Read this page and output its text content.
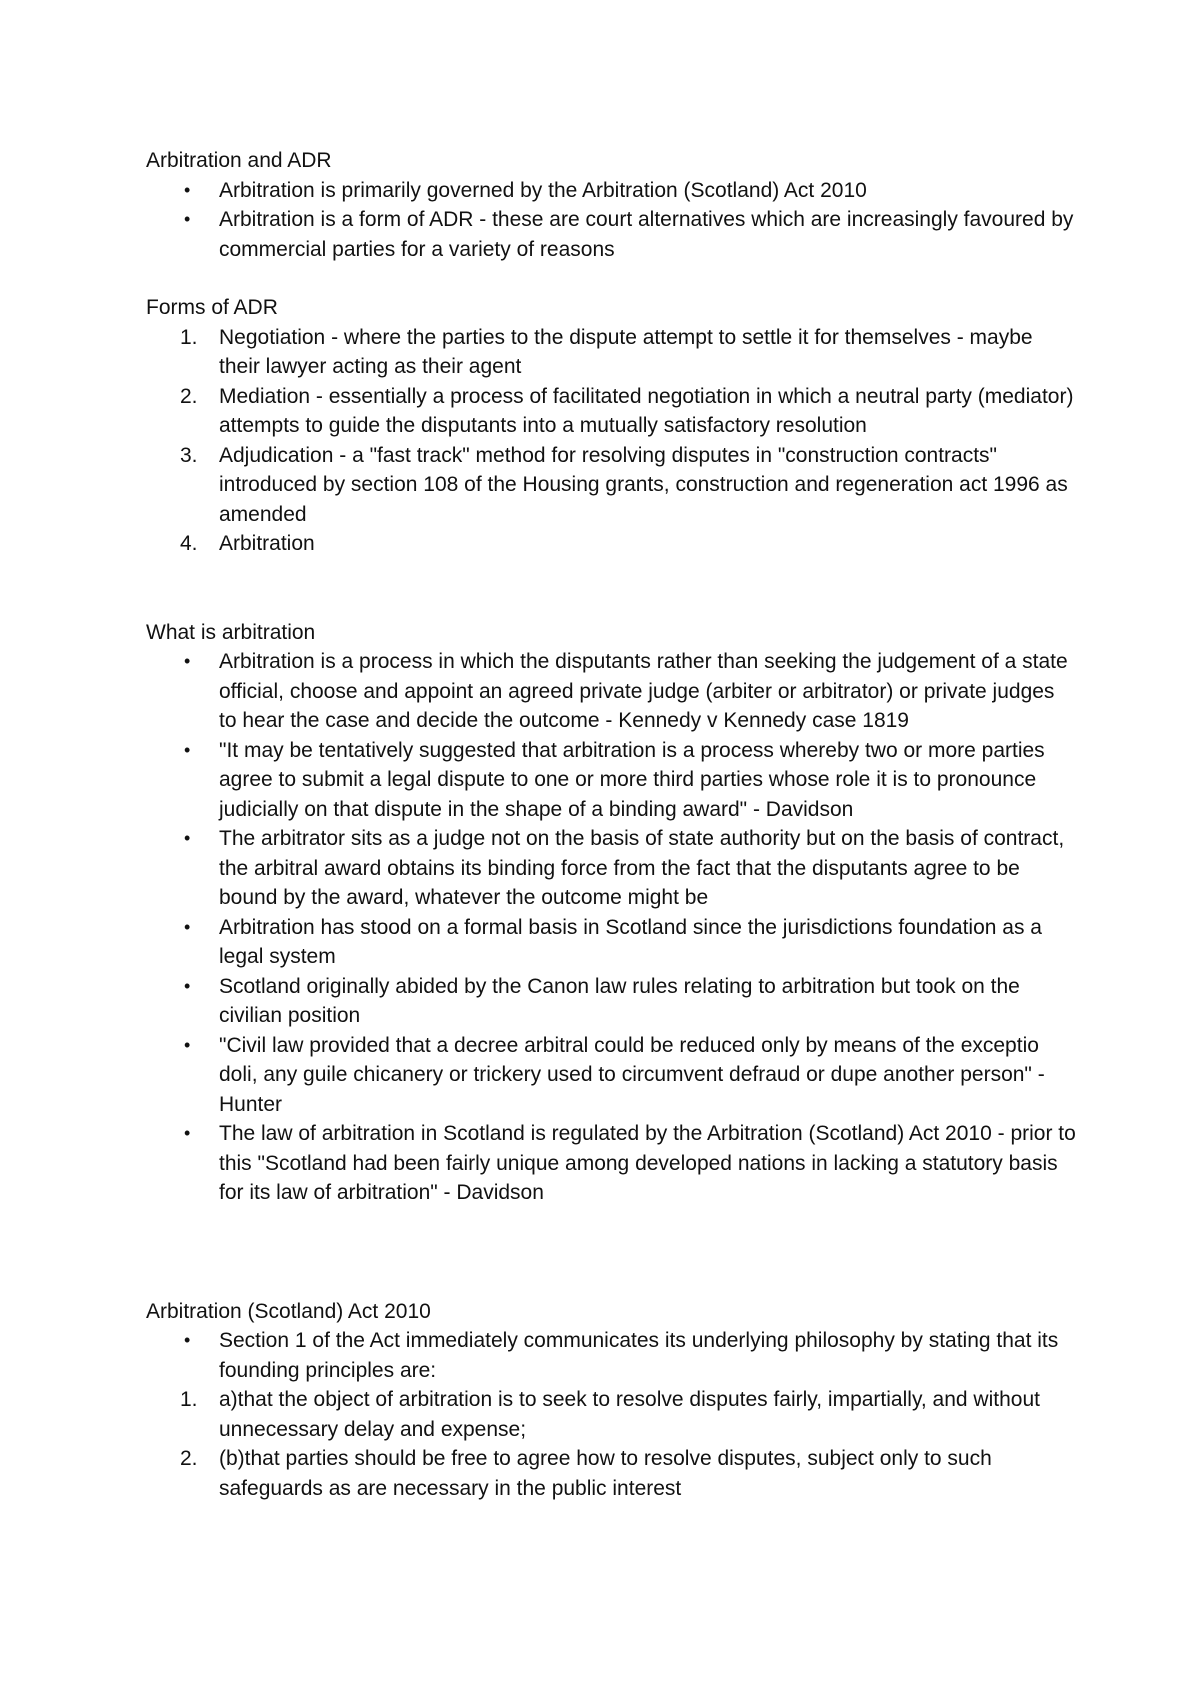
Arbitration and ADR

•	Arbitration is primarily governed by the Arbitration (Scotland) Act 2010
•	Arbitration is a form of ADR - these are court alternatives which are increasingly favoured by commercial parties for a variety of reasons

Forms of ADR

1.	Negotiation - where the parties to the dispute attempt to settle it for themselves - maybe their lawyer acting as their agent
2.	Mediation - essentially a process of facilitated negotiation in which a neutral party (mediator) attempts to guide the disputants into a mutually satisfactory resolution
3.	Adjudication - a "fast track" method for resolving disputes in "construction contracts" introduced by section 108 of the Housing grants, construction and regeneration act 1996 as amended
4.	Arbitration

What is arbitration

•	Arbitration is a process in which the disputants rather than seeking the judgement of a state official, choose and appoint an agreed private judge (arbiter or arbitrator) or private judges to hear the case and decide the outcome - Kennedy v Kennedy case 1819
•	"It may be tentatively suggested that arbitration is a process whereby two or more parties agree to submit a legal dispute to one or more third parties whose role it is to pronounce judicially on that dispute in the shape of a binding award" - Davidson
•	The arbitrator sits as a judge not on the basis of state authority but on the basis of contract, the arbitral award obtains its binding force from the fact that the disputants agree to be bound by the award, whatever the outcome might be
•	Arbitration has stood on a formal basis in Scotland since the jurisdictions foundation as a legal system
•	Scotland originally abided by the Canon law rules relating to arbitration but took on the civilian position
•	"Civil law provided that a decree arbitral could be reduced only by means of the exceptio doli, any guile chicanery or trickery used to circumvent defraud or dupe another person" - Hunter
•	The law of arbitration in Scotland is regulated by the Arbitration (Scotland) Act 2010 - prior to this "Scotland had been fairly unique among developed nations in lacking a statutory basis for its law of arbitration" - Davidson

Arbitration (Scotland) Act 2010

•	Section 1 of the Act immediately communicates its underlying philosophy by stating that its founding principles are:
1.	a)that the object of arbitration is to seek to resolve disputes fairly, impartially, and without unnecessary delay and expense;
2.	(b)that parties should be free to agree how to resolve disputes, subject only to such safeguards as are necessary in the public interest
